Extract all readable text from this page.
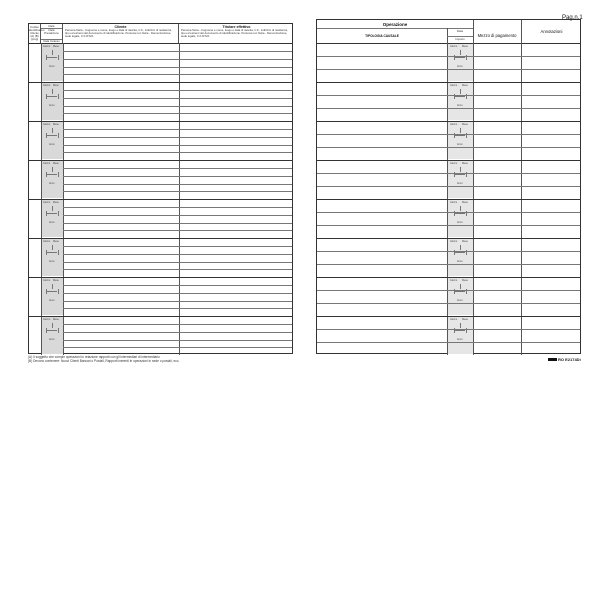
Pag.n.1
Codice identificativo Cliente (A) (B) (prog)
Data
Data Prestazione
Data Incasso
Cliente
Persona fisica - Cognome e nome, luogo e data di nascita, C.F., indirizzo di residenza, tipo ed estremi del documento di identificazione. Persona non fisica - Denominazione, sede legale, C.F./P.IVA
Titolare effettivo
Persona fisica - Cognome e nome, luogo e data di nascita, C.F., indirizzo di residenza, tipo ed estremi del documento di identificazione. Persona non fisica - Denominazione, sede legale, C.F./P.IVA
Giorno Mese
Anno
Giorno Mese
Anno
Giorno Mese
Anno
Giorno Mese
Anno
Giorno Mese
Anno
Giorno Mese
Anno
Giorno Mese
Anno
Giorno Mese
Anno
Operazione
TIPOLOGIA CAUSALE
Data
Importo
Mezzo di pagamento
Annotazioni
Giorno Mese
Anno
Giorno Mese
Anno
Giorno Mese
Anno
Giorno Mese
Anno
Giorno Mese
Anno
Giorno Mese
Anno
Giorno Mese
Anno
Giorno Mese
Anno
(A) Il soggetto che compie operazioni in relazione rapporti con gli intermediari di intermediario
(B) Devono contenere: Nuovi Clienti Bancari o Postali, Rapporti inerenti le operazioni in sede o postali, ecc.	RO E2174Di
